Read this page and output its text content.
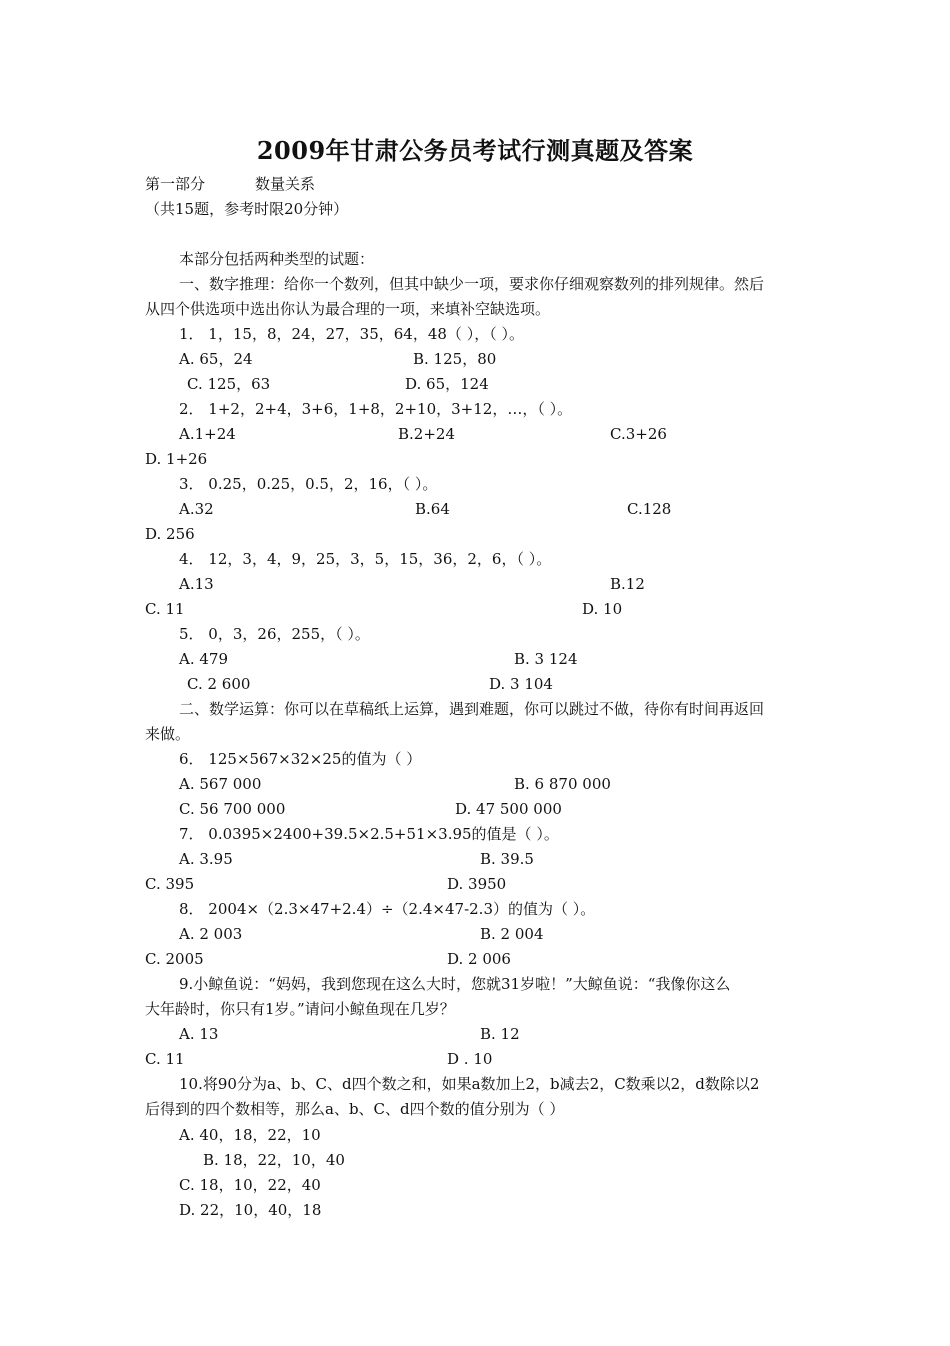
2009年甘肃公务员考试行测真题及答案
第一部分	数量关系
（共15题，参考时限20分钟）
本部分包括两种类型的试题：
一、数字推理：给你一个数列，但其中缺少一项，要求你仔细观察数列的排列规律。然后
从四个供选项中选出你认为最合理的一项，来填补空缺选项。
1． 1，15，8，24，27，35，64，48（ ），（ ）。
A. 65，24	B. 125，80
C. 125，63	D. 65，124
2． 1+2，2+4，3+6，1+8，2+10，3+12，…，（ ）。
A.1+24	B.2+24	C.3+26
D. 1+26
3． 0.25，0.25，0.5，2，16，（ ）。
A.32	B.64	C.128
D. 256
4． 12，3，4，9，25，3，5，15，36，2，6，（ ）。
A.13	B.12
C. 11	D. 10
5． 0，3，26，255，（ ）。
A. 479	B. 3 124
C. 2 600	D. 3 104
二、数学运算：你可以在草稿纸上运算，遇到难题，你可以跳过不做，待你有时间再返回
来做。
6． 125×567×32×25的值为（ ）
A. 567 000	B. 6 870 000
C. 56 700 000	D. 47 500 000
7． 0.0395×2400+39.5×2.5+51×3.95的值是（ ）。
A. 3.95	B. 39.5
C. 395	D. 3950
8． 2004×（2.3×47+2.4）÷（2.4×47-2.3）的值为（ ）。
A. 2 003	B. 2 004
C. 2005	D. 2 006
9.小鲸鱼说：“妈妈，我到您现在这么大时，您就31岁啦！”大鲸鱼说：“我像你这么
大年龄时，你只有1岁。”请问小鲸鱼现在几岁？
A. 13	B. 12
C. 11	D . 10
10.将90分为a、b、C、d四个数之和，如果a数加上2，b减去2，C数乘以2，d数除以2
后得到的四个数相等，那么a、b、C、d四个数的值分别为（ ）
A. 40，18，22，10
B. 18，22，10，40
C. 18，10，22，40
D. 22，10，40，18
